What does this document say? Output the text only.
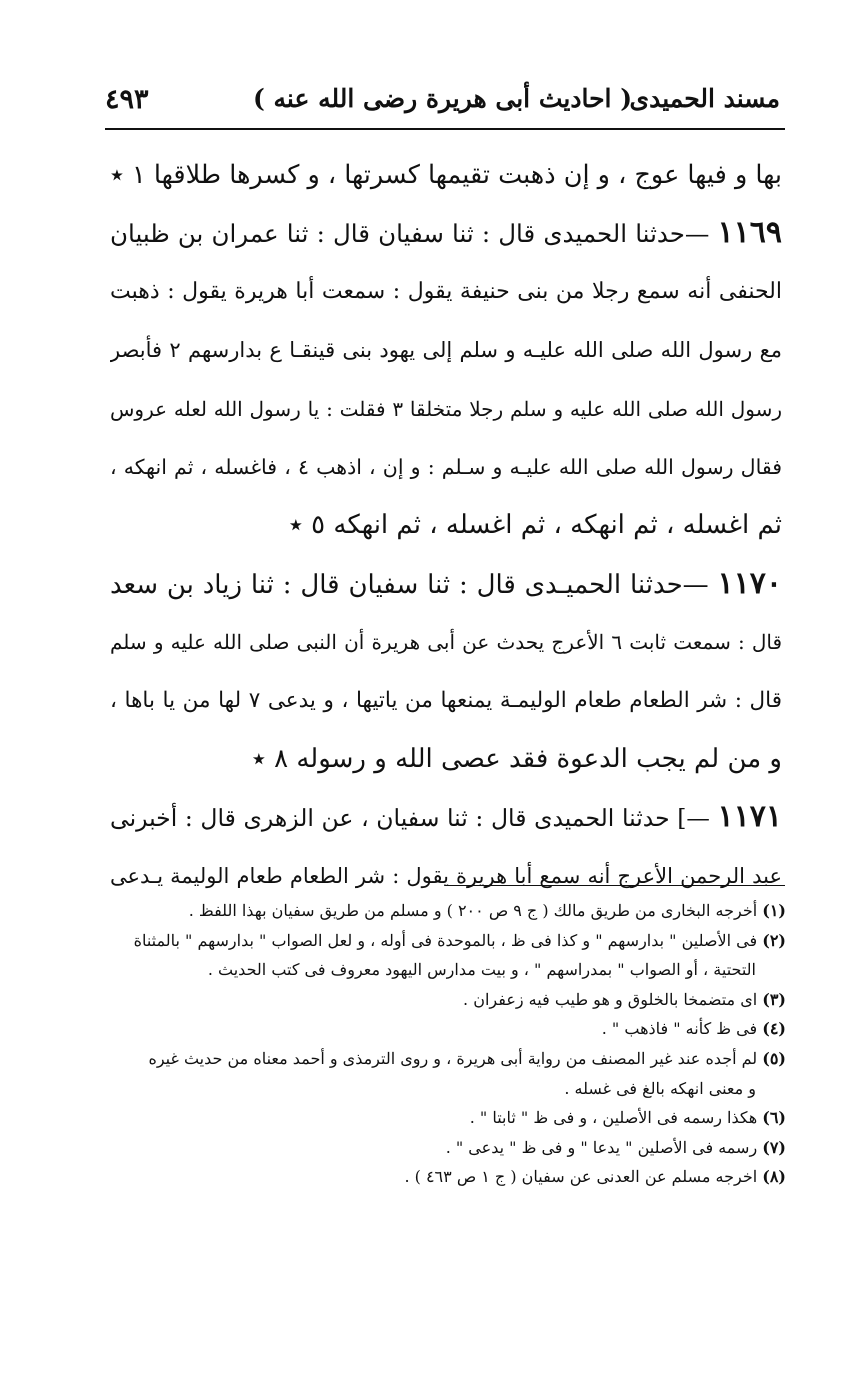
مسند الحميدى
( احاديث أبى هريرة رضى الله عنه )
٤٩٣
بها و فيها عوج ، و إن ذهبت تقيمها كسرتها ، و كسرها طلاقها ١ ٭
١١٦٩ —حدثنا الحميدى قال : ثنا سفيان قال : ثنا عمران بن ظبيان
الحنفى أنه سمع رجلا من بنى حنيفة يقول : سمعت أبا هريرة يقول : ذهبت
مع رسول الله صلى الله عليـه و سلم إلى يهود بنى قينقـا ع بدارسهم ٢ فأبصر
رسول الله صلى الله عليه و سلم رجلا متخلقا ٣ فقلت : يا رسول الله لعله عروس
فقال رسول الله صلى الله عليـه و سـلم : و إن ، اذهب ٤ ، فاغسله ، ثم انهكه ،
ثم اغسله ، ثم انهكه ، ثم اغسله ، ثم انهكه ٥ ٭
١١٧٠ —حدثنا الحميـدى قال : ثنا سفيان قال : ثنا زياد بن سعد
قال : سمعت ثابت ٦ الأعرج يحدث عن أبى هريرة أن النبى صلى الله عليه و سلم
قال : شر الطعام طعام الوليمـة يمنعها من ياتيها ، و يدعى ٧ لها من يا باها ،
و من لم يجب الدعوة فقد عصى الله و رسوله ٨ ٭
١١٧١ —] حدثنا الحميدى قال : ثنا سفيان ، عن الزهرى قال : أخبرنى
عبد الرحمن الأعرج أنه سمع أبا هريرة يقول : شر الطعام طعام الوليمة يـدعى
(١) أخرجه البخارى من طريق مالك ( ج ٩ ص ٢٠٠ ) و مسلم من طريق سفيان بهذا اللفظ .
(٢) فى الأصلين " بدارسهم " و كذا فى ظ ، بالموحدة فى أوله ، و لعل الصواب " بدارسهم " بالمثناة
التحتية ، أو الصواب " بمدراسهم " ، و بيت مدارس اليهود معروف فى كتب الحديث .
(٣) اى متضمخا بالخلوق و هو طيب فيه زعفران .
(٤) فى ظ كأنه " فاذهب " .
(٥) لم أجده عند غير المصنف من رواية أبى هريرة ، و روى الترمذى و أحمد معناه من حديث غيره
و معنى انهكه بالغ فى غسله .
(٦) هكذا رسمه فى الأصلين ، و فى ظ " ثابتا " .
(٧) رسمه فى الأصلين " يدعا " و فى ظ " يدعى " .
(٨) اخرجه مسلم عن العدنى عن سفيان ( ج ١ ص ٤٦٣ ) .
